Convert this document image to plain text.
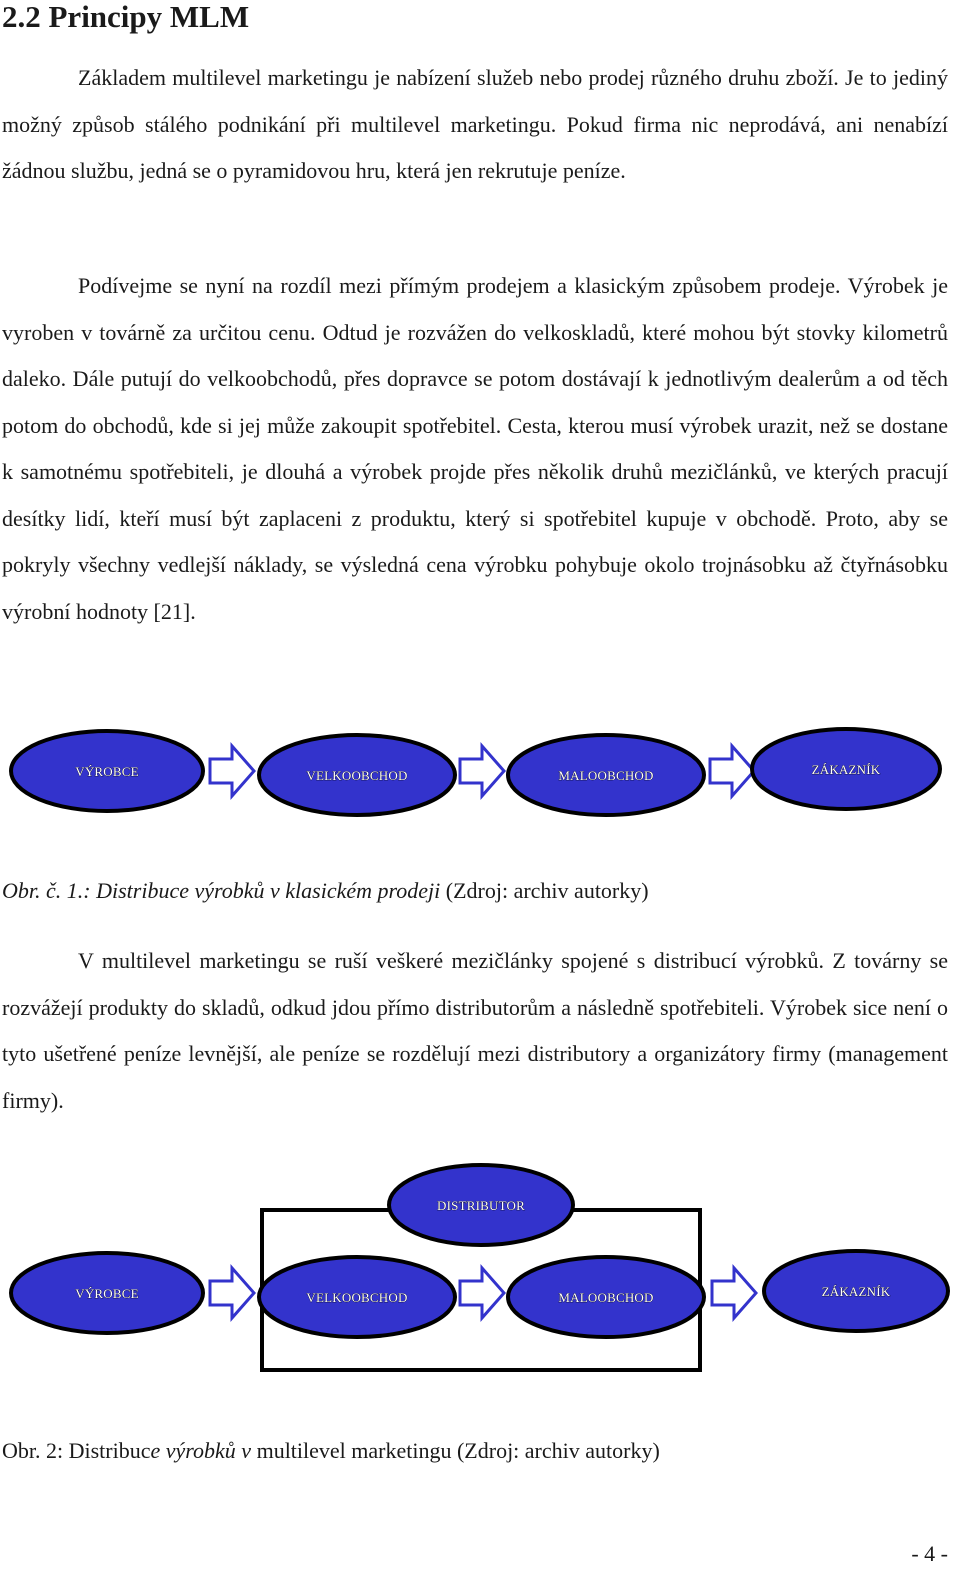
2.2 Principy MLM

Základem multilevel marketingu je nabízení služeb nebo prodej různého druhu zboží. Je to jediný možný způsob stálého podnikání při multilevel marketingu. Pokud firma nic neprodává, ani nenabízí žádnou službu, jedná se o pyramidovou hru, která jen rekrutuje peníze.

Podívejme se nyní na rozdíl mezi přímým prodejem a klasickým způsobem prodeje. Výrobek je vyroben v továrně za určitou cenu. Odtud je rozvážen do velkoskladů, které mohou být stovky kilometrů daleko. Dále putují do velkoobchodů, přes dopravce se potom dostávají k jednotlivým dealerům a od těch potom do obchodů, kde si jej může zakoupit spotřebitel. Cesta, kterou musí výrobek urazit, než se dostane k samotnému spotřebiteli, je dlouhá a výrobek projde přes několik druhů mezičlánků, ve kterých pracují desítky lidí, kteří musí být zaplaceni z produktu, který si spotřebitel kupuje v obchodě. Proto, aby se pokryly všechny vedlejší náklady, se výsledná cena výrobku pohybuje okolo trojnásobku až čtyřnásobku výrobní hodnoty [21].

VÝROBCE	VELKOOBCHOD	MALOOBCHOD	ZÁKAZNÍK

Obr. č. 1.: Distribuce výrobků v klasickém prodeji (Zdroj: archiv autorky)

V multilevel marketingu se ruší veškeré mezičlánky spojené s distribucí výrobků. Z továrny se rozvážejí produkty do skladů, odkud jdou přímo distributorům a následně spotřebiteli. Výrobek sice není o tyto ušetřené peníze levnější, ale peníze se rozdělují mezi distributory a organizátory firmy (management firmy).

DISTRIBUTOR
VÝROBCE	VELKOOBCHOD	MALOOBCHOD	ZÁKAZNÍK

Obr. 2: Distribuce výrobků v multilevel marketingu (Zdroj: archiv autorky)

- 4 -
